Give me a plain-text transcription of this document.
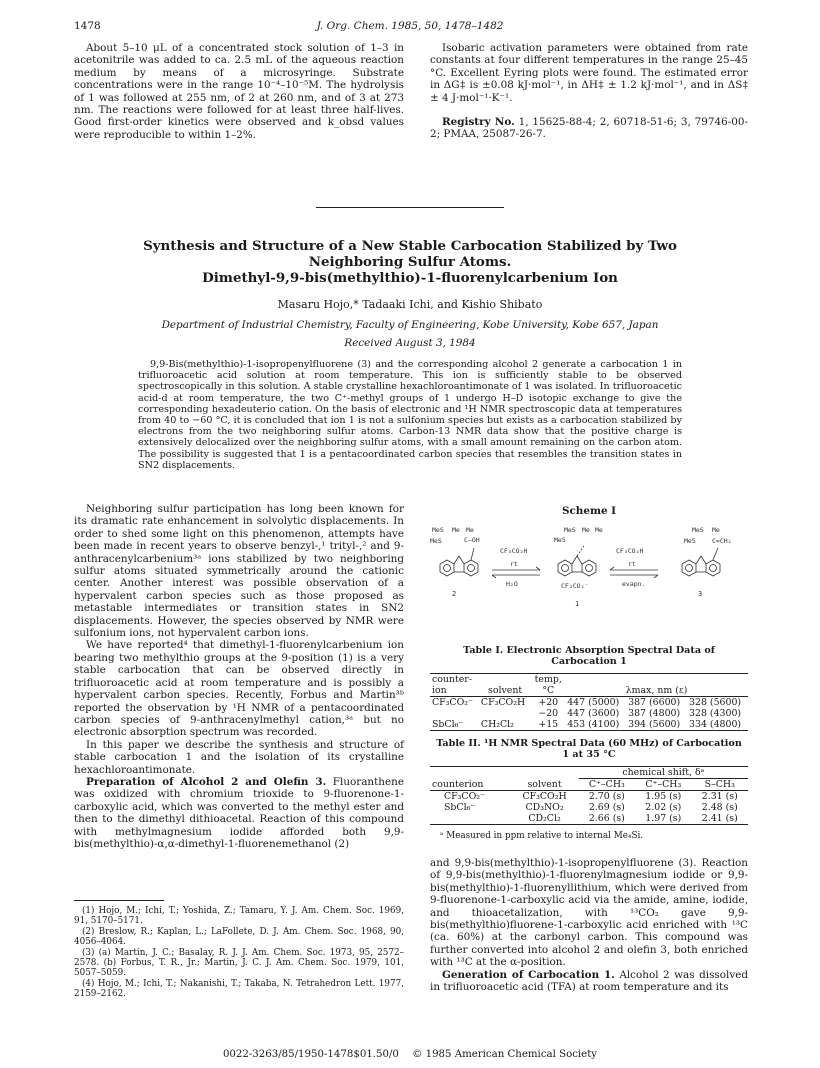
1478	J. Org. Chem. 1985, 50, 1478–1482

About 5–10 μL of a concentrated stock solution of 1–3 in acetonitrile was added to ca. 2.5 mL of the aqueous reaction medium by means of a microsyringe. Substrate concentrations were in the range 10⁻⁴–10⁻⁵M. The hydrolysis of 1 was followed at 255 nm, of 2 at 260 nm, and of 3 at 273 nm. The reactions were followed for at least three half-lives. Good first-order kinetics were observed and k_obsd values were reproducible to within 1–2%.

Isobaric activation parameters were obtained from rate constants at four different temperatures in the range 25–45 °C. Excellent Eyring plots were found. The estimated error in ΔG‡ is ±0.08 kJ·mol⁻¹, in ΔH‡ ± 1.2 kJ·mol⁻¹, and in ΔS‡ ± 4 J·mol⁻¹·K⁻¹.

Registry No. 1, 15625-88-4; 2, 60718-51-6; 3, 79746-00-2; PMAA, 25087-26-7.

Synthesis and Structure of a New Stable Carbocation Stabilized by Two
Neighboring Sulfur Atoms.
Dimethyl-9,9-bis(methylthio)-1-fluorenylcarbenium Ion
Masaru Hojo,* Tadaaki Ichi, and Kishio Shibato
Department of Industrial Chemistry, Faculty of Engineering, Kobe University, Kobe 657, Japan
Received August 3, 1984

9,9-Bis(methylthio)-1-isopropenylfluorene (3) and the corresponding alcohol 2 generate a carbocation 1 in trifluoroacetic acid solution at room temperature. This ion is sufficiently stable to be observed spectroscopically in this solution. A stable crystalline hexachloroantimonate of 1 was isolated. In trifluoroacetic acid-d at room temperature, the two C⁺-methyl groups of 1 undergo H–D isotopic exchange to give the corresponding hexadeuterio cation. On the basis of electronic and ¹H NMR spectroscopic data at temperatures from 40 to −60 °C, it is concluded that ion 1 is not a sulfonium species but exists as a carbocation stabilized by electrons from the two neighboring sulfur atoms. Carbon-13 NMR data show that the positive charge is extensively delocalized over the neighboring sulfur atoms, with a small amount remaining on the carbon atom. The possibility is suggested that 1 is a pentacoordinated carbon species that resembles the transition states in SN2 displacements.

Neighboring sulfur participation has long been known for its dramatic rate enhancement in solvolytic displacements. In order to shed some light on this phenomenon, attempts have been made in recent years to observe benzyl-,¹ trityl-,² and 9-anthracenylcarbenium³ᵃ ions stabilized by two neighboring sulfur atoms situated symmetrically around the cationic center. Another interest was possible observation of a hypervalent carbon species such as those proposed as metastable intermediates or transition states in SN2 displacements. However, the species observed by NMR were sulfonium ions, not hypervalent carbon ions.

We have reported⁴ that dimethyl-1-fluorenylcarbenium ion bearing two methylthio groups at the 9-position (1) is a very stable carbocation that can be observed directly in trifluoroacetic acid at room temperature and is possibly a hypervalent carbon species. Recently, Forbus and Martin³ᵇ reported the observation by ¹H NMR of a pentacoordinated carbon species of 9-anthracenylmethyl cation,³ᵃ but no electronic absorption spectrum was recorded.

In this paper we describe the synthesis and structure of stable carbocation 1 and the isolation of its crystalline hexachloroantimonate.

Preparation of Alcohol 2 and Olefin 3. Fluoranthene was oxidized with chromium trioxide to 9-fluorenone-1-carboxylic acid, which was converted to the methyl ester and then to the dimethyl dithioacetal. Reaction of this compound with methylmagnesium iodide afforded both 9,9-bis(methylthio)-α,α-dimethyl-1-fluorenemethanol (2)

(1) Hojo, M.; Ichi, T.; Yoshida, Z.; Tamaru, Y. J. Am. Chem. Soc. 1969, 91, 5170–5171.

(2) Breslow, R.; Kaplan, L.; LaFollete, D. J. Am. Chem. Soc. 1968, 90, 4056–4064.

(3) (a) Martin, J. C.; Basalay, R. J. J. Am. Chem. Soc. 1973, 95, 2572–2578. (b) Forbus, T. R., Jr.; Martin, J. C. J. Am. Chem. Soc. 1979, 101, 5057–5059.

(4) Hojo, M.; Ichi, T.; Nakanishi, T.; Takaba, N. Tetrahedron Lett. 1977, 2159–2162.

Scheme I
MeS Me Me
MeS	C–OH
2
CF₃CO₂H
rt
H₂O
MeS Me Me
MeS
CF₃CO₂⁻
1
CF₃CO₂H
rt
evapn.
MeS Me
MeS	C=CH₂
3
Table I. Electronic Absorption Spectral Data of
Carbocation 1
counter-		temp,			
ion	solvent	°C	λmax, nm (ε)		
CF₃CO₂⁻	CF₃CO₂H	+20	447 (5000)	387 (6600)	328 (5600)
		−20	447 (3600)	387 (4800)	328 (4300)
SbCl₆⁻	CH₂Cl₂	+15	453 (4100)	394 (5600)	334 (4800)
Table II. ¹H NMR Spectral Data (60 MHz) of Carbocation
1 at 35 °C
		chemical shift, δᵃ		
counterion	solvent	C⁺–CH₃	C⁺–CH₃	S–CH₃
CF₃CO₂⁻	CF₃CO₂H	2.70 (s)	1.95 (s)	2.31 (s)
SbCl₆⁻	CD₃NO₂	2.69 (s)	2.02 (s)	2.48 (s)
	CD₂Cl₂	2.66 (s)	1.97 (s)	2.41 (s)
ᵃ Measured in ppm relative to internal Me₄Si.

and 9,9-bis(methylthio)-1-isopropenylfluorene (3). Reaction of 9,9-bis(methylthio)-1-fluorenylmagnesium iodide or 9,9-bis(methylthio)-1-fluorenyllithium, which were derived from 9-fluorenone-1-carboxylic acid via the amide, amine, iodide, and thioacetalization, with ¹³CO₂ gave 9,9-bis(methylthio)fluorene-1-carboxylic acid enriched with ¹³C (ca. 60%) at the carbonyl carbon. This compound was further converted into alcohol 2 and olefin 3, both enriched with ¹³C at the α-position.

Generation of Carbocation 1. Alcohol 2 was dissolved in trifluoroacetic acid (TFA) at room temperature and its

0022-3263/85/1950-1478$01.50/0 © 1985 American Chemical Society
